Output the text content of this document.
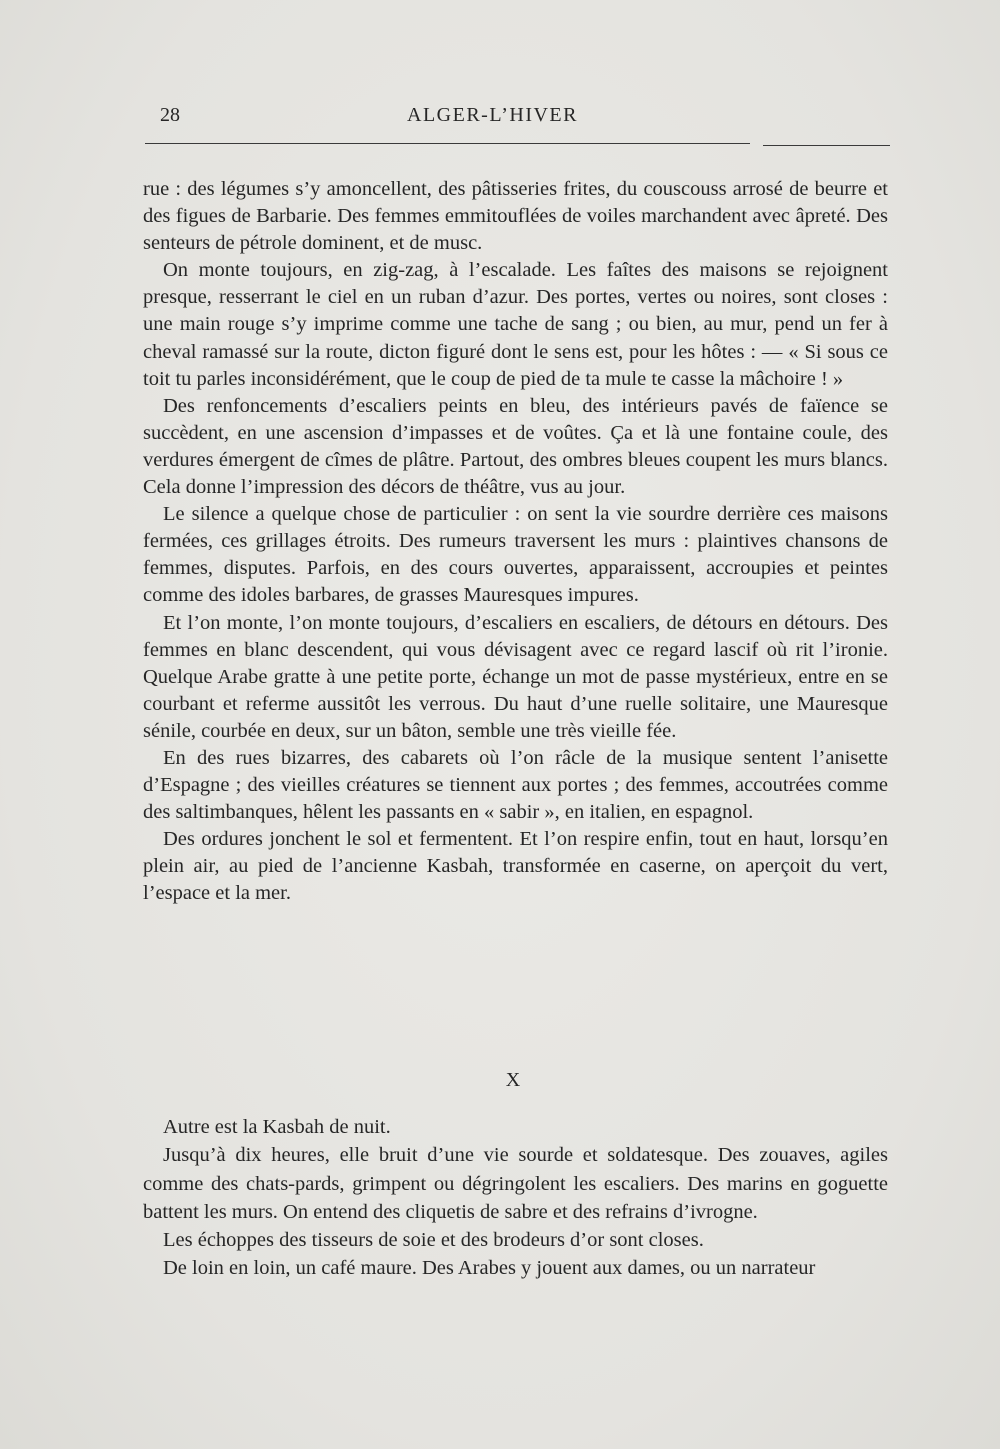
28	ALGER-L’HIVER

rue : des légumes s’y amoncellent, des pâtisseries frites, du couscouss arrosé de beurre et des figues de Barbarie. Des femmes emmitouflées de voiles marchandent avec âpreté. Des senteurs de pétrole dominent, et de musc.

On monte toujours, en zig-zag, à l’escalade. Les faîtes des maisons se rejoignent presque, resserrant le ciel en un ruban d’azur. Des portes, vertes ou noires, sont closes : une main rouge s’y imprime comme une tache de sang ; ou bien, au mur, pend un fer à cheval ramassé sur la route, dicton figuré dont le sens est, pour les hôtes : — « Si sous ce toit tu parles inconsidérément, que le coup de pied de ta mule te casse la mâchoire ! »

Des renfoncements d’escaliers peints en bleu, des intérieurs pavés de faïence se succèdent, en une ascension d’impasses et de voûtes. Ça et là une fontaine coule, des verdures émergent de cîmes de plâtre. Partout, des ombres bleues coupent les murs blancs. Cela donne l’impression des décors de théâtre, vus au jour.

Le silence a quelque chose de particulier : on sent la vie sourdre derrière ces maisons fermées, ces grillages étroits. Des rumeurs traversent les murs : plaintives chansons de femmes, disputes. Parfois, en des cours ouvertes, apparaissent, accroupies et peintes comme des idoles barbares, de grasses Mauresques impures.

Et l’on monte, l’on monte toujours, d’escaliers en escaliers, de détours en détours. Des femmes en blanc descendent, qui vous dévisagent avec ce regard lascif où rit l’ironie. Quelque Arabe gratte à une petite porte, échange un mot de passe mystérieux, entre en se courbant et referme aussitôt les verrous. Du haut d’une ruelle solitaire, une Mauresque sénile, courbée en deux, sur un bâton, semble une très vieille fée.

En des rues bizarres, des cabarets où l’on râcle de la musique sentent l’anisette d’Espagne ; des vieilles créatures se tiennent aux portes ; des femmes, accoutrées comme des saltimbanques, hêlent les passants en « sabir », en italien, en espagnol.

Des ordures jonchent le sol et fermentent. Et l’on respire enfin, tout en haut, lorsqu’en plein air, au pied de l’ancienne Kasbah, transformée en caserne, on aperçoit du vert, l’espace et la mer.

X

Autre est la Kasbah de nuit.

Jusqu’à dix heures, elle bruit d’une vie sourde et soldatesque. Des zouaves, agiles comme des chats-pards, grimpent ou dégringolent les escaliers. Des marins en goguette battent les murs. On entend des cliquetis de sabre et des refrains d’ivrogne.

Les échoppes des tisseurs de soie et des brodeurs d’or sont closes.

De loin en loin, un café maure. Des Arabes y jouent aux dames, ou un narrateur
